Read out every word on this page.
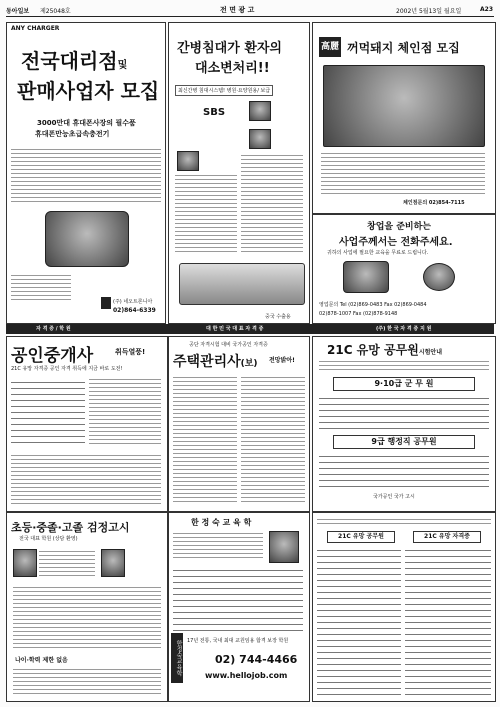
동아일보 제25048호	전 면 광 고	2002년 5월13일 월요일	A23
ANY CHARGER
전국대리점및
판매사업자 모집
3000만대 휴대폰사장의 필수품
휴대폰만능초급속충전기
(주) 네오트론니아
02)864-6339
간병침대가 환자의
대소변처리!!
최신간병 침대시스템! 병원·요양원용/ 보급
SBS
중국 수출용
高麗 꺼먹돼지 체인점 모집
체인점문의 02)854-7115
창업을 준비하는
사업주께서는 전화주세요.
귀하의 사업에 필요한 교육을 무료로 드립니다.
영업문의 Tel (02)869-0483 Fax 02)869-0484
02)878-1007 Fax (02)878-9148
자 격 증 / 학 원	대 한 민 국 대 표 자 격 증	(주) 한 국 자 격 증 지 원
공인중개사	취득열풍!
21C 유망 자격증 공인 자격 취득에 지금 바로 도전!
공단 자격시험 대비 국가공인 자격증
주택관리사(보) 전망밝아!
21C 유망 공무원시험안내
9·10급 군 무 원
9급 행정직 공무원
국가공인 국가 고시
초등·중졸·고졸 검정고시
전국 대표 학원 (상담 환영)
나이·학력 제한 없음
한 정 숙 교 육 학
한정숙교육학 17년 전통, 국내 최대 교원임용 합격 보장 학원
02) 744-4466
www.hellojob.com
21C 유망 공무원	21C 유망 자격증
